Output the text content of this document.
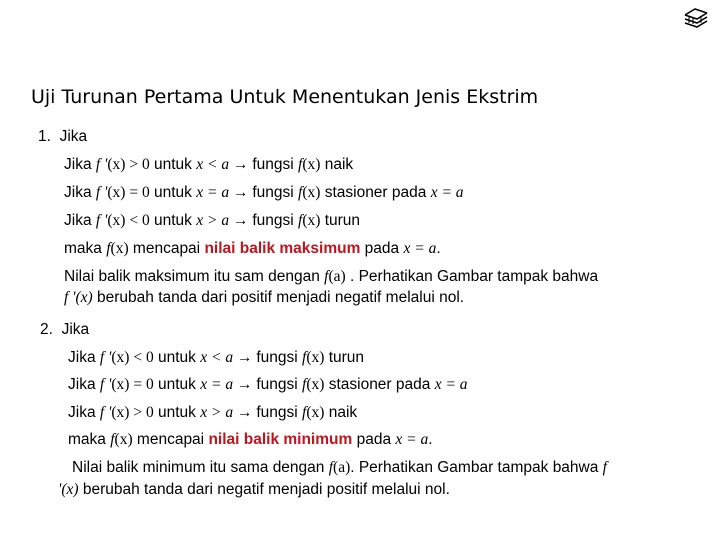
Uji Turunan Pertama Untuk Menentukan Jenis Ekstrim
1. Jika
Jika f '(x) > 0 untuk x < a → fungsi f(x) naik
Jika f '(x) = 0 untuk x = a → fungsi f(x) stasioner pada x = a
Jika f '(x) < 0 untuk x > a → fungsi f(x) turun
maka f(x) mencapai nilai balik maksimum pada x = a.
Nilai balik maksimum itu sam dengan f(a) . Perhatikan Gambar tampak bahwa
f '(x) berubah tanda dari positif menjadi negatif melalui nol.
2. Jika
Jika f '(x) < 0 untuk x < a → fungsi f(x) turun
Jika f '(x) = 0 untuk x = a → fungsi f(x) stasioner pada x = a
Jika f '(x) > 0 untuk x > a → fungsi f(x) naik
maka f(x) mencapai nilai balik minimum pada x = a.
Nilai balik minimum itu sama dengan f(a). Perhatikan Gambar tampak bahwa f
'(x) berubah tanda dari negatif menjadi positif melalui nol.
